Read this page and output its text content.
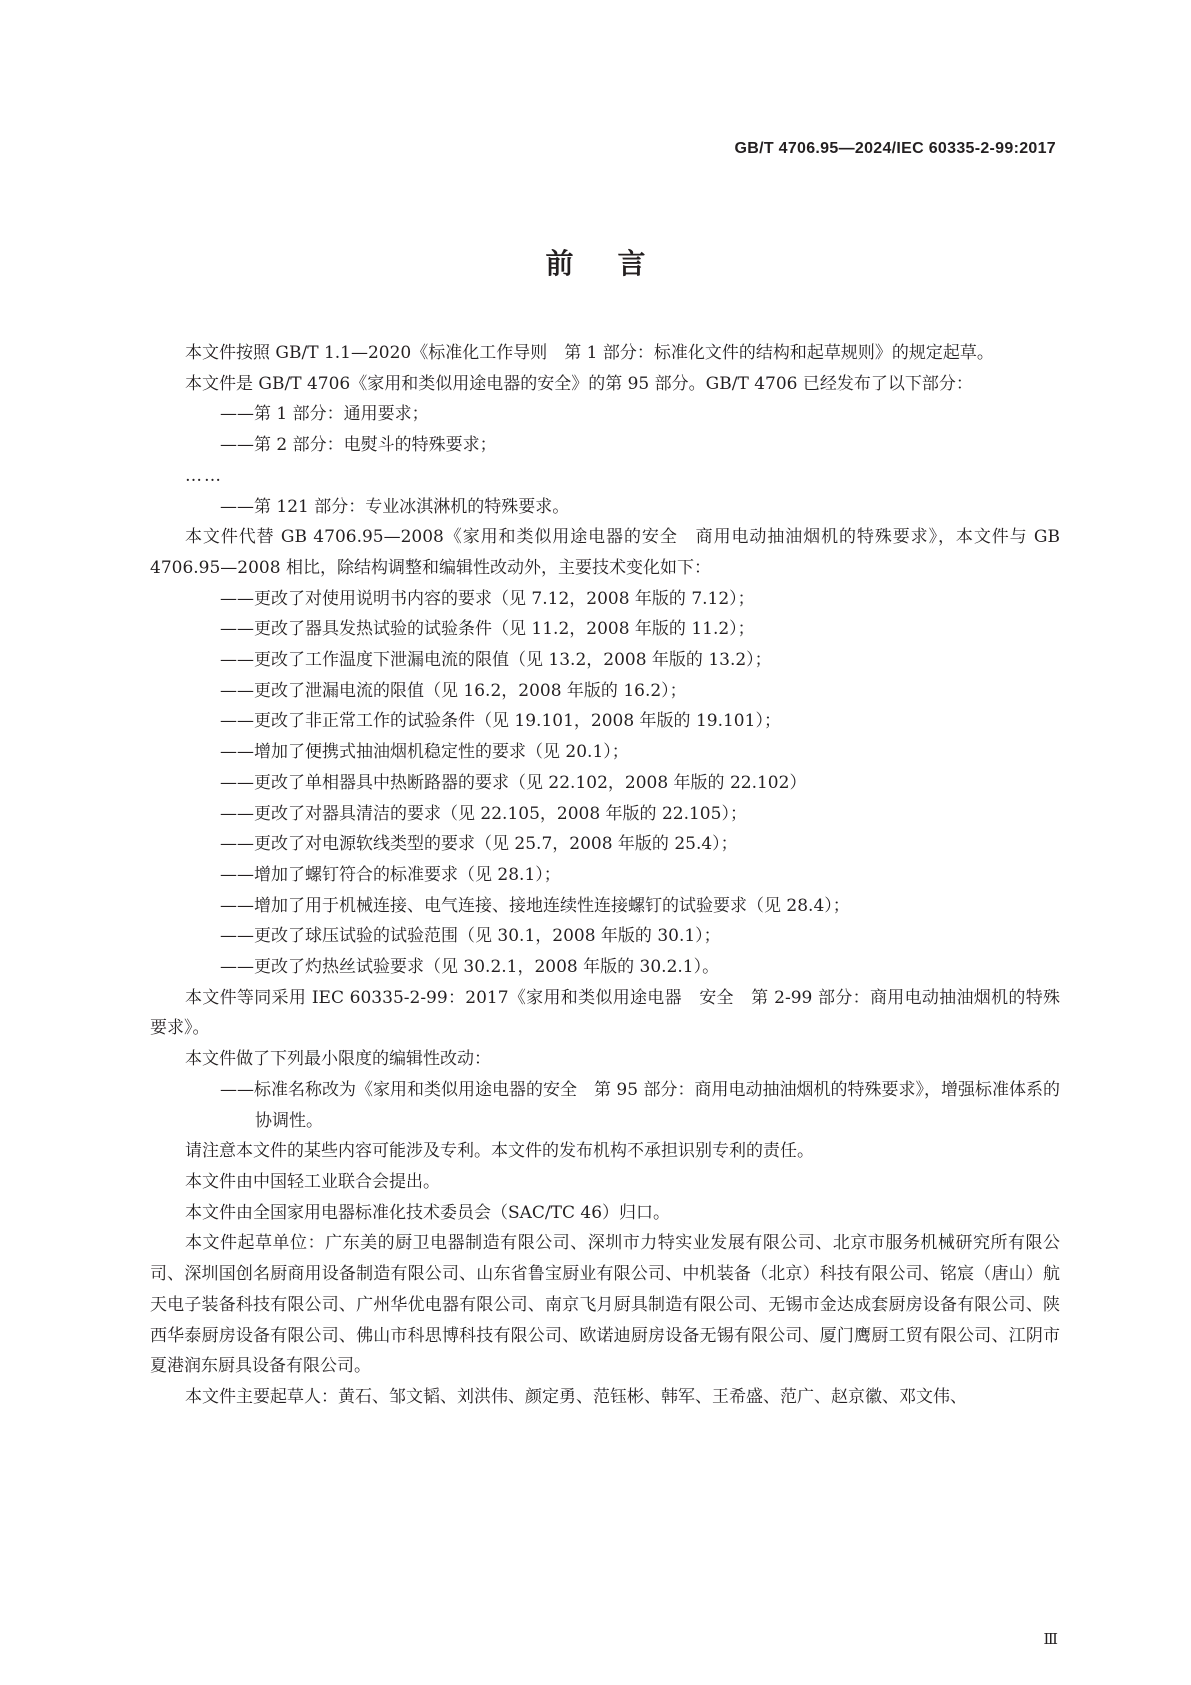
GB/T 4706.95—2024/IEC 60335-2-99:2017
前言

本文件按照 GB/T 1.1—2020《标准化工作导则　第 1 部分：标准化文件的结构和起草规则》的规定起草。

本文件是 GB/T 4706《家用和类似用途电器的安全》的第 95 部分。GB/T 4706 已经发布了以下部分：

——第 1 部分：通用要求；

——第 2 部分：电熨斗的特殊要求；

……

——第 121 部分：专业冰淇淋机的特殊要求。

本文件代替 GB 4706.95—2008《家用和类似用途电器的安全　商用电动抽油烟机的特殊要求》，本文件与 GB 4706.95—2008 相比，除结构调整和编辑性改动外，主要技术变化如下：

——更改了对使用说明书内容的要求（见 7.12，2008 年版的 7.12）；

——更改了器具发热试验的试验条件（见 11.2，2008 年版的 11.2）；

——更改了工作温度下泄漏电流的限值（见 13.2，2008 年版的 13.2）；

——更改了泄漏电流的限值（见 16.2，2008 年版的 16.2）；

——更改了非正常工作的试验条件（见 19.101，2008 年版的 19.101）；

——增加了便携式抽油烟机稳定性的要求（见 20.1）；

——更改了单相器具中热断路器的要求（见 22.102，2008 年版的 22.102）

——更改了对器具清洁的要求（见 22.105，2008 年版的 22.105）；

——更改了对电源软线类型的要求（见 25.7，2008 年版的 25.4）；

——增加了螺钉符合的标准要求（见 28.1）；

——增加了用于机械连接、电气连接、接地连续性连接螺钉的试验要求（见 28.4）；

——更改了球压试验的试验范围（见 30.1，2008 年版的 30.1）；

——更改了灼热丝试验要求（见 30.2.1，2008 年版的 30.2.1）。

本文件等同采用 IEC 60335-2-99：2017《家用和类似用途电器　安全　第 2-99 部分：商用电动抽油烟机的特殊要求》。

本文件做了下列最小限度的编辑性改动：

——标准名称改为《家用和类似用途电器的安全　第 95 部分：商用电动抽油烟机的特殊要求》，增强标准体系的协调性。

请注意本文件的某些内容可能涉及专利。本文件的发布机构不承担识别专利的责任。

本文件由中国轻工业联合会提出。

本文件由全国家用电器标准化技术委员会（SAC/TC 46）归口。

本文件起草单位：广东美的厨卫电器制造有限公司、深圳市力特实业发展有限公司、北京市服务机械研究所有限公司、深圳国创名厨商用设备制造有限公司、山东省鲁宝厨业有限公司、中机装备（北京）科技有限公司、铭宸（唐山）航天电子装备科技有限公司、广州华优电器有限公司、南京飞月厨具制造有限公司、无锡市金达成套厨房设备有限公司、陕西华泰厨房设备有限公司、佛山市科思博科技有限公司、欧诺迪厨房设备无锡有限公司、厦门鹰厨工贸有限公司、江阴市夏港润东厨具设备有限公司。

本文件主要起草人：黄石、邹文韬、刘洪伟、颜定勇、范钰彬、韩军、王希盛、范广、赵京徽、邓文伟、

Ⅲ
